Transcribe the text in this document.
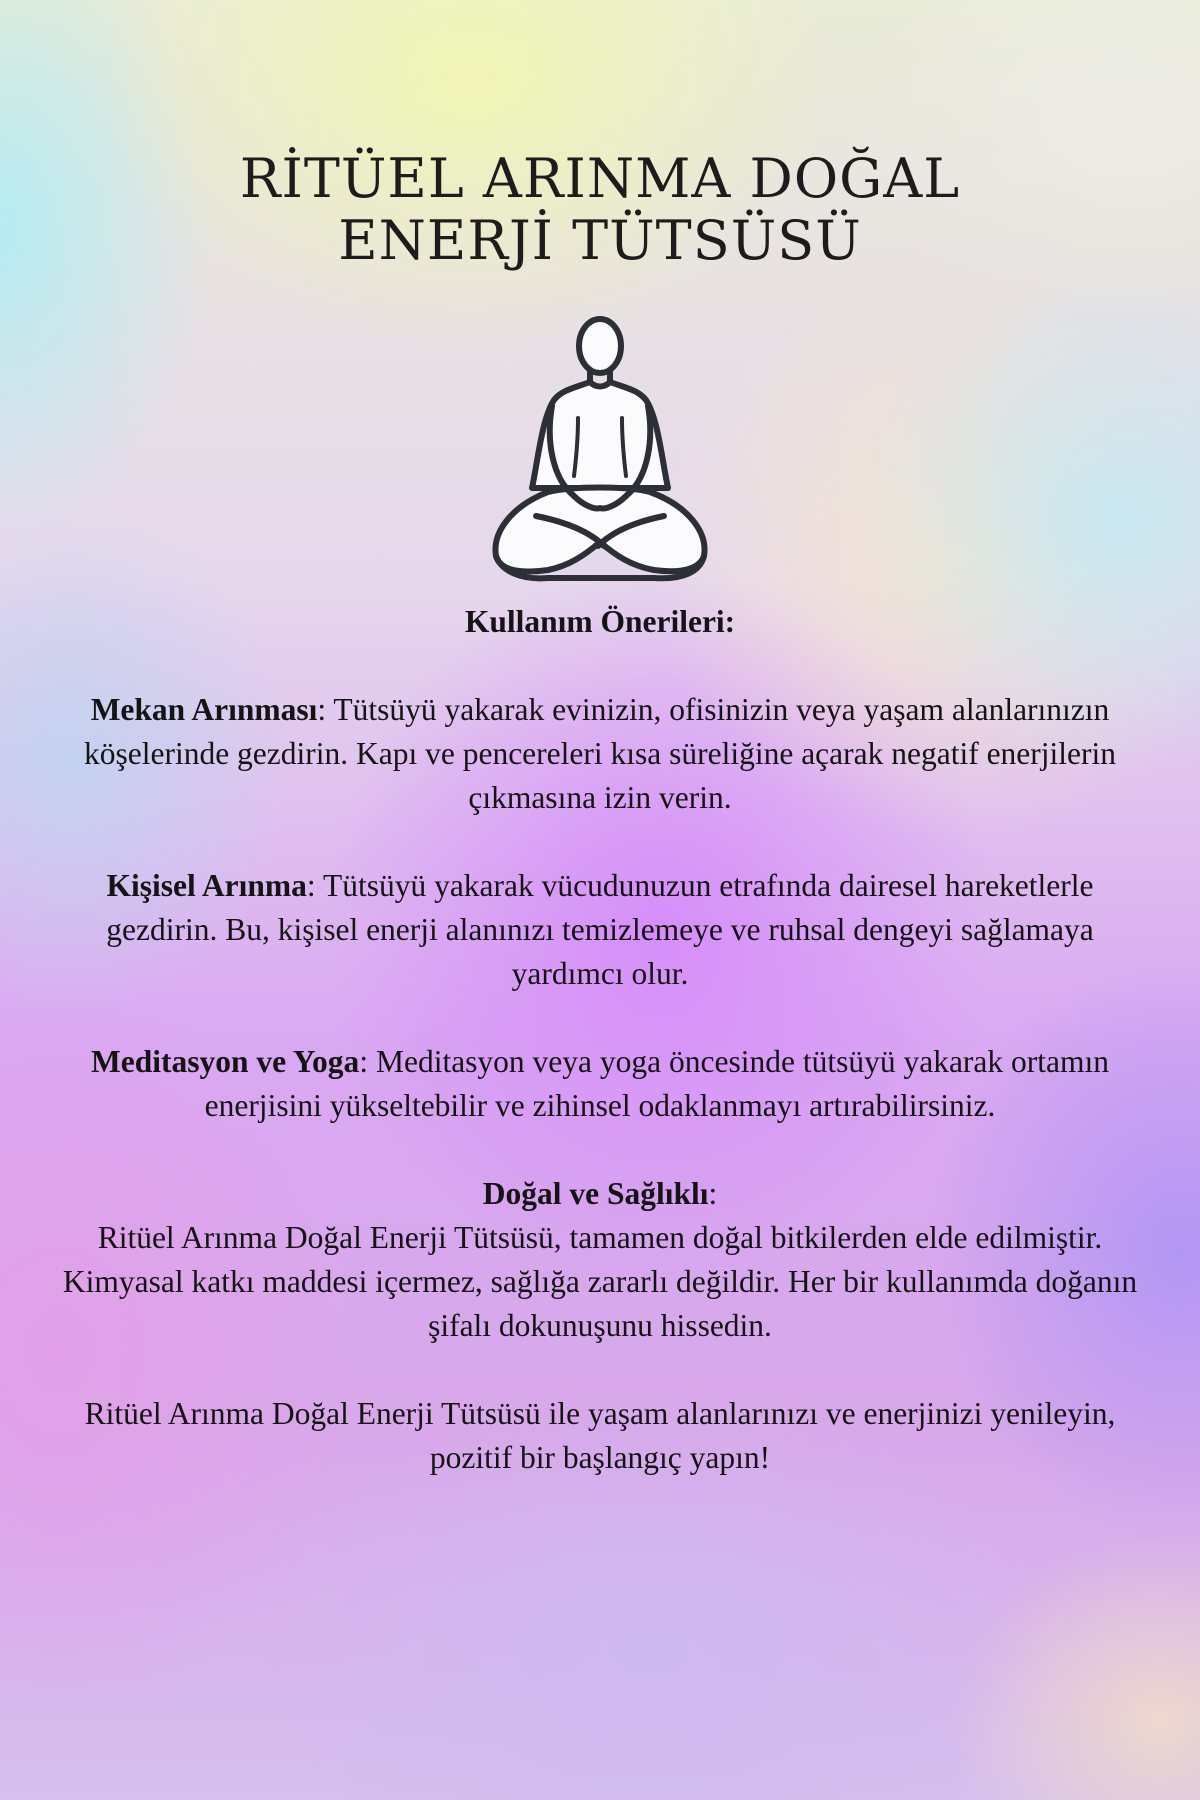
RİTÜEL ARINMA DOĞAL
ENERJİ TÜTSÜSÜ

Kullanım Önerileri:

Mekan Arınması: Tütsüyü yakarak evinizin, ofisinizin veya yaşam alanlarınızın köşelerinde gezdirin. Kapı ve pencereleri kısa süreliğine açarak negatif enerjilerin çıkmasına izin verin.

Kişisel Arınma: Tütsüyü yakarak vücudunuzun etrafında dairesel hareketlerle gezdirin. Bu, kişisel enerji alanınızı temizlemeye ve ruhsal dengeyi sağlamaya yardımcı olur.

Meditasyon ve Yoga: Meditasyon veya yoga öncesinde tütsüyü yakarak ortamın enerjisini yükseltebilir ve zihinsel odaklanmayı artırabilirsiniz.

Doğal ve Sağlıklı:

Ritüel Arınma Doğal Enerji Tütsüsü, tamamen doğal bitkilerden elde edilmiştir. Kimyasal katkı maddesi içermez, sağlığa zararlı değildir. Her bir kullanımda doğanın şifalı dokunuşunu hissedin.

Ritüel Arınma Doğal Enerji Tütsüsü ile yaşam alanlarınızı ve enerjinizi yenileyin, pozitif bir başlangıç yapın!
